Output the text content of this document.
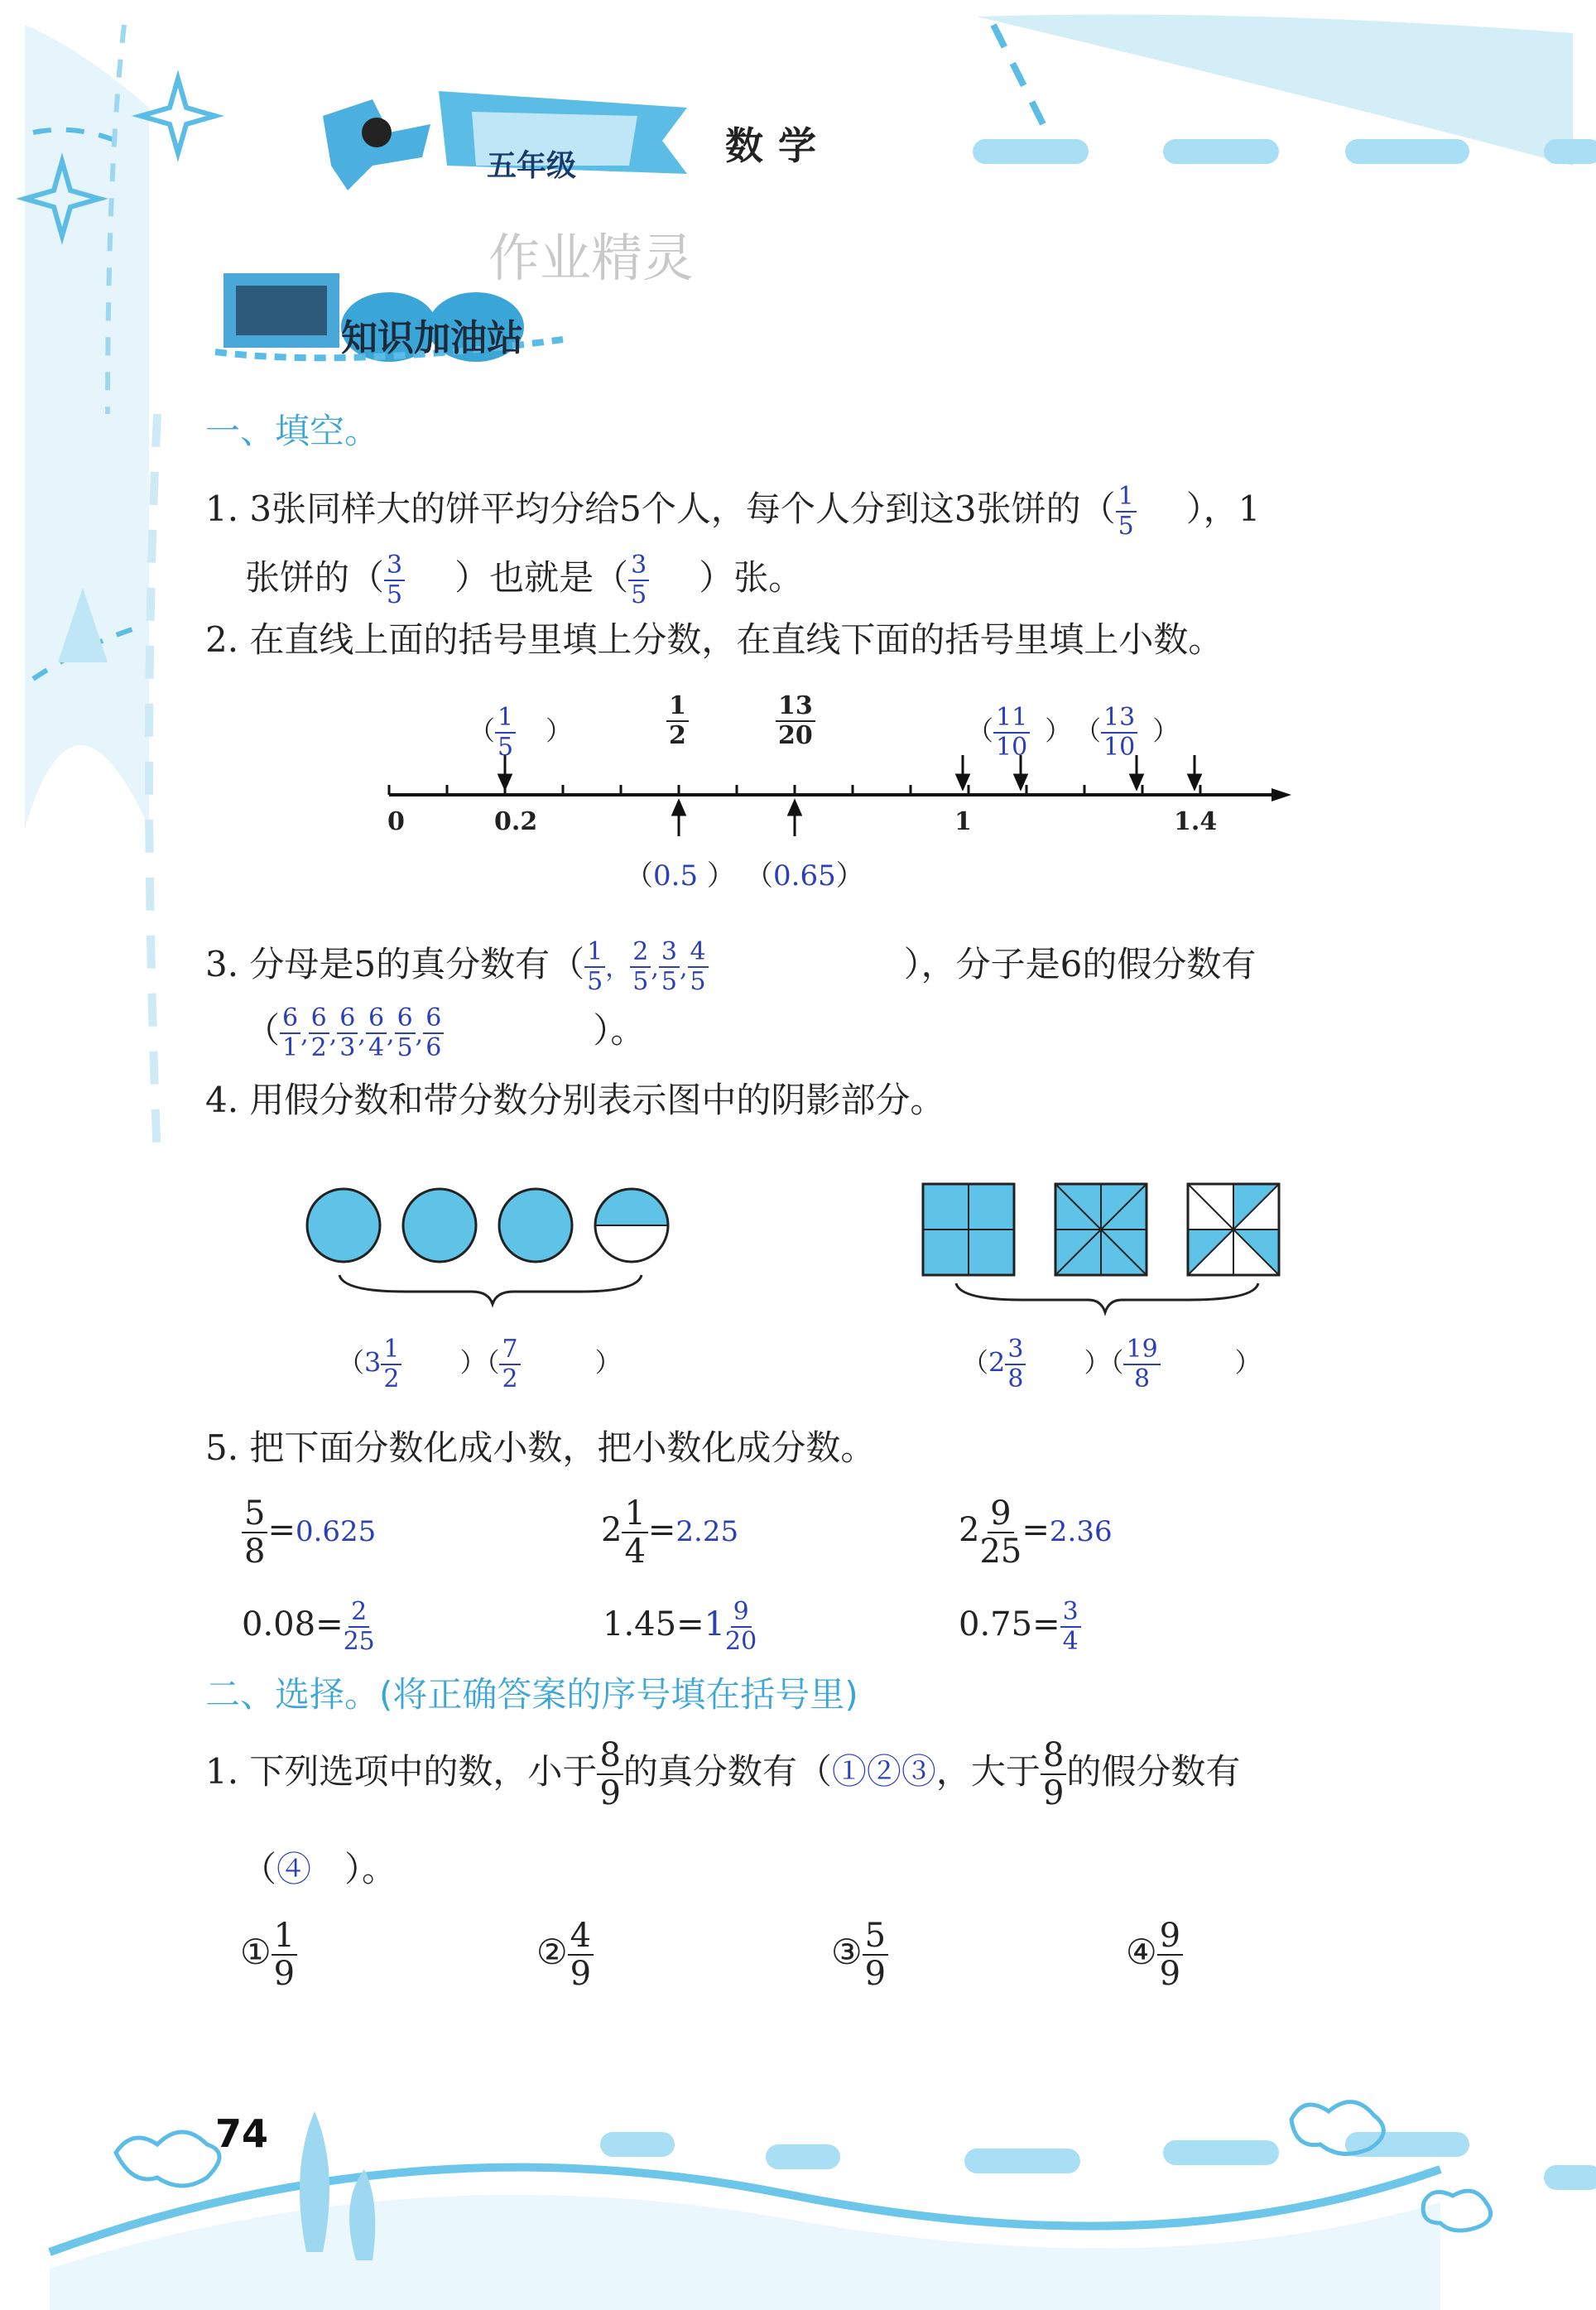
五年级	数学
作业精灵
知识加油站
一、填空。
1. 3张同样大的饼平均分给5个人，每个人分到这3张饼的（ $\frac{1}{5}$ ），1
张饼的（ $\frac{3}{5}$ ）也就是（ $\frac{3}{5}$ ）张。
2. 在直线上面的括号里填上分数，在直线下面的括号里填上小数。
0	0.2	1	1.4
（ $\frac{1}{5}$ ）	$\frac{1}{2}$	$\frac{13}{20}$	（ $\frac{11}{10}$ ） （ $\frac{13}{10}$ ）
（0.5 ） （0.65）
3. 分母是5的真分数有（ $\frac{1}{5}$ ， $\frac{2}{5}$ , $\frac{3}{5}$ , $\frac{4}{5}$	），分子是6的假分数有
（ $\frac{6}{1}$ , $\frac{6}{2}$ , $\frac{6}{3}$ , $\frac{6}{4}$ , $\frac{6}{5}$ , $\frac{6}{6}$	）。
4. 用假分数和带分数分别表示图中的阴影部分。
（$3 \frac{1}{2}$ ）（ $\frac{7}{2}$	）	（$2 \frac{3}{8}$ ）（ $\frac{19}{8}$	）
5. 把下面分数化成小数，把小数化成分数。
$\frac{5}{8} =0.625$	$2 \frac{1}{4} =2.25$	$2 \frac{9}{25} =2.36$
$0.08= \frac{2}{25}$	$1.45=1 \frac{9}{20}$	$0.75= \frac{3}{4}$
二、选择。(将正确答案的序号填在括号里)
1. 下列选项中的数，小于 $\frac{8}{9}$ 的真分数有（①②③，大于 $\frac{8}{9}$ 的假分数有
（④ ）。
① $\frac{1}{9}$	② $\frac{4}{9}$	③ $\frac{5}{9}$	④ $\frac{9}{9}$
74
